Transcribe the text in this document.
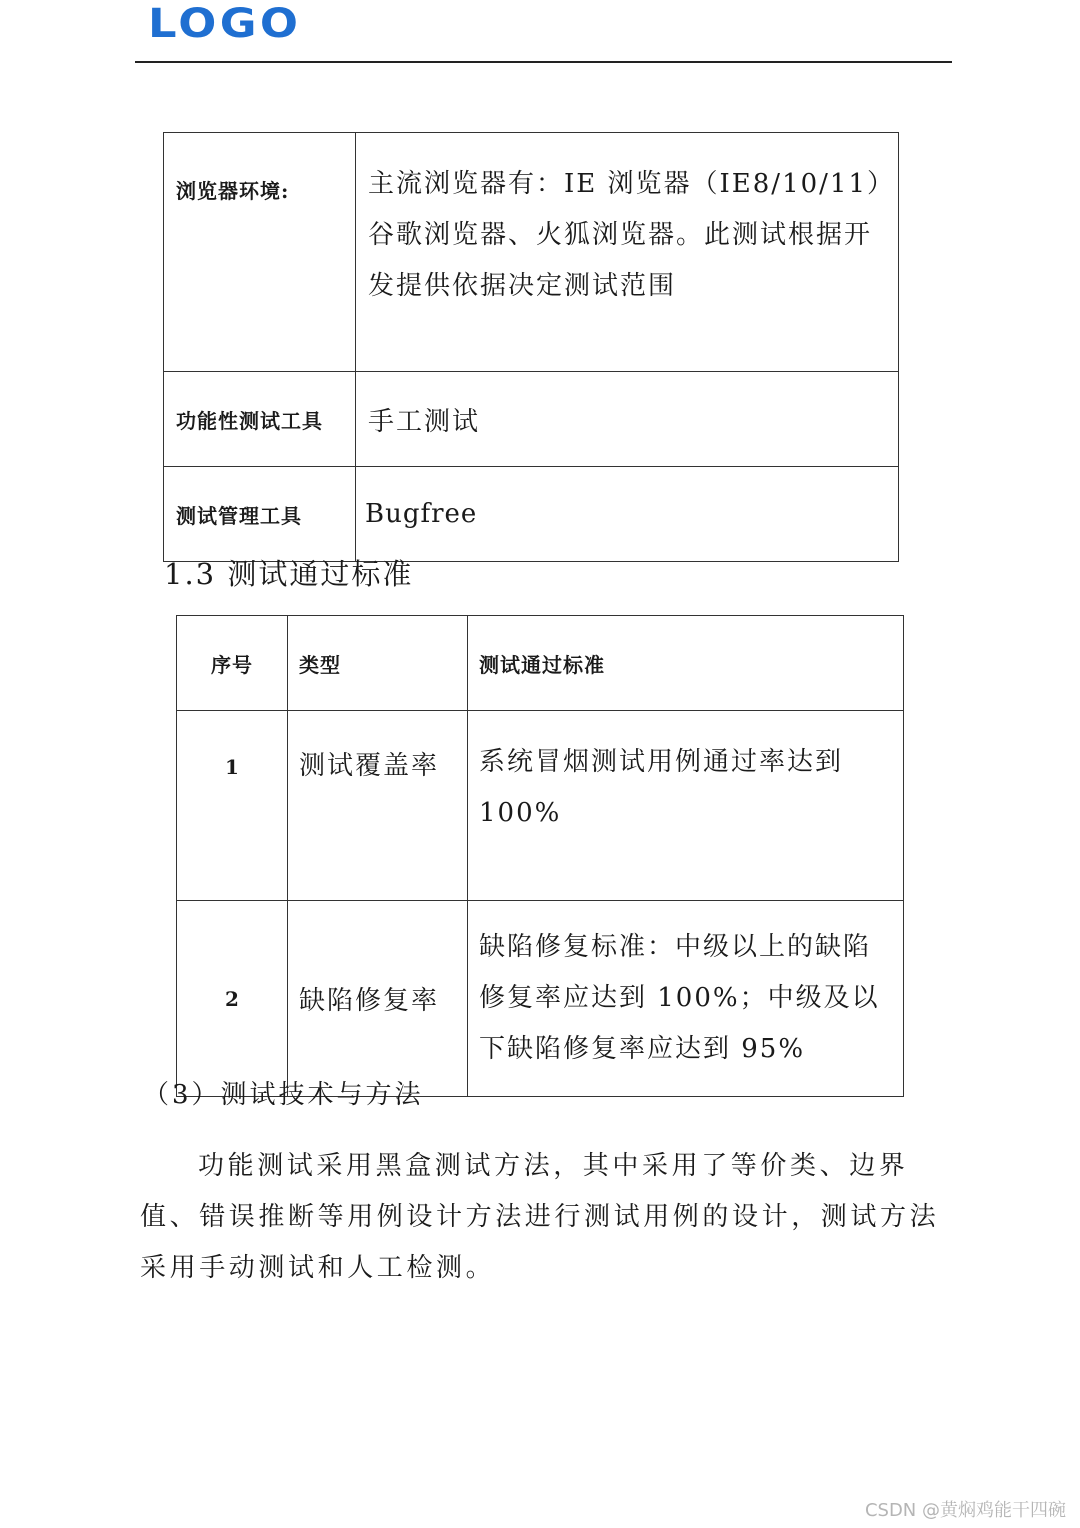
LOGO
浏览器环境:	主流浏览器有：IE 浏览器（IE8/10/11）谷歌浏览器、火狐浏览器。此测试根据开发提供依据决定测试范围
功能性测试工具	手工测试
测试管理工具	Bugfree
1.3 测试通过标准
序号	类型	测试通过标准
1	测试覆盖率	系统冒烟测试用例通过率达到100%
2	缺陷修复率	缺陷修复标准：中级以上的缺陷修复率应达到 100%；中级及以下缺陷修复率应达到 95%
（3）测试技术与方法

功能测试采用黑盒测试方法，其中采用了等价类、边界值、错误推断等用例设计方法进行测试用例的设计，测试方法采用手动测试和人工检测。

CSDN @黄焖鸡能干四碗
